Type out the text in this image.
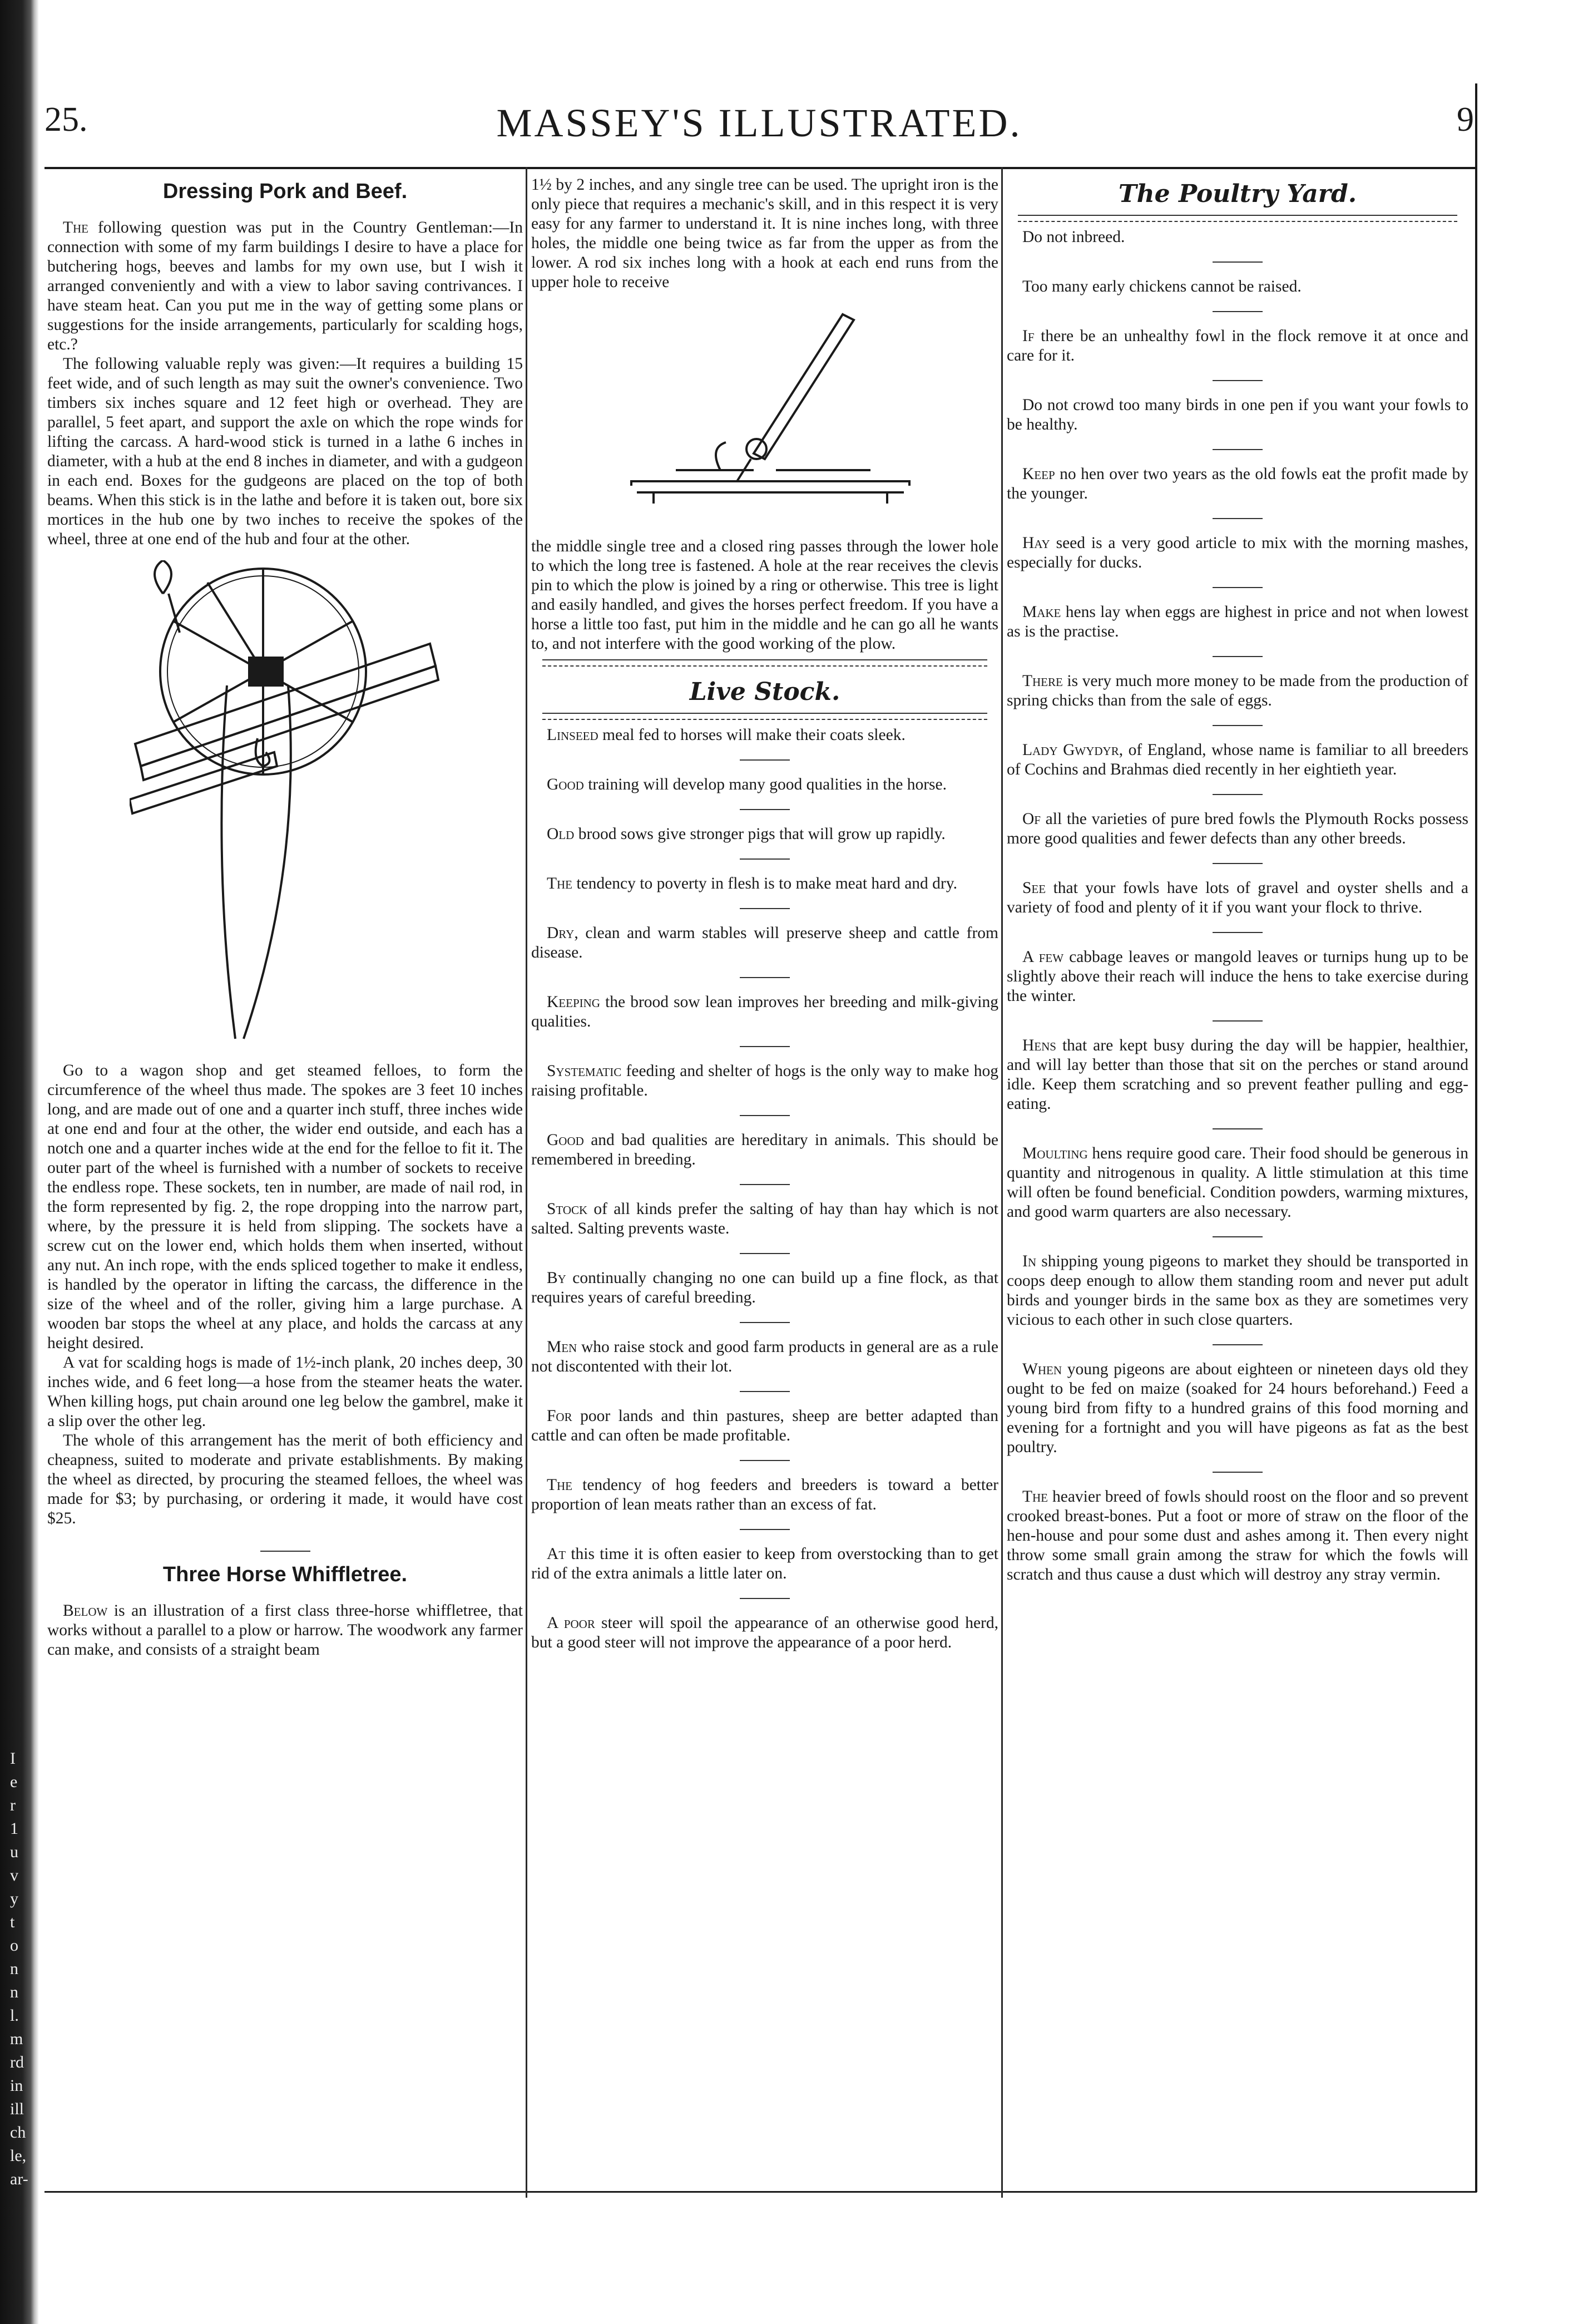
I
e
r
1
u
v
y
t
o
n
n
l.
m
rd
in
ill
ch
le,
ar-
25.	MASSEY'S ILLUSTRATED.	9
Dressing Pork and Beef.

The following question was put in the Country Gentleman:—In connection with some of my farm buildings I desire to have a place for butchering hogs, beeves and lambs for my own use, but I wish it arranged conveniently and with a view to labor saving contrivances. I have steam heat. Can you put me in the way of getting some plans or suggestions for the inside arrangements, particularly for scalding hogs, etc.?

The following valuable reply was given:—It requires a building 15 feet wide, and of such length as may suit the owner's convenience. Two timbers six inches square and 12 feet high or overhead. They are parallel, 5 feet apart, and support the axle on which the rope winds for lifting the carcass. A hard-wood stick is turned in a lathe 6 inches in diameter, with a hub at the end 8 inches in diameter, and with a gudgeon in each end. Boxes for the gudgeons are placed on the top of both beams. When this stick is in the lathe and before it is taken out, bore six mortices in the hub one by two inches to receive the spokes of the wheel, three at one end of the hub and four at the other.

Go to a wagon shop and get steamed felloes, to form the circumference of the wheel thus made. The spokes are 3 feet 10 inches long, and are made out of one and a quarter inch stuff, three inches wide at one end and four at the other, the wider end outside, and each has a notch one and a quarter inches wide at the end for the felloe to fit it. The outer part of the wheel is furnished with a number of sockets to receive the endless rope. These sockets, ten in number, are made of nail rod, in the form represented by fig. 2, the rope dropping into the narrow part, where, by the pressure it is held from slipping. The sockets have a screw cut on the lower end, which holds them when inserted, without any nut. An inch rope, with the ends spliced together to make it endless, is handled by the operator in lifting the carcass, the difference in the size of the wheel and of the roller, giving him a large purchase. A wooden bar stops the wheel at any place, and holds the carcass at any height desired.

A vat for scalding hogs is made of 1½-inch plank, 20 inches deep, 30 inches wide, and 6 feet long—a hose from the steamer heats the water. When killing hogs, put chain around one leg below the gambrel, make it a slip over the other leg.

The whole of this arrangement has the merit of both efficiency and cheapness, suited to moderate and private establishments. By making the wheel as directed, by procuring the steamed felloes, the wheel was made for $3; by purchasing, or ordering it made, it would have cost $25.

Three Horse Whiffletree.

Below is an illustration of a first class three-horse whiffletree, that works without a parallel to a plow or harrow. The woodwork any farmer can make, and consists of a straight beam

1½ by 2 inches, and any single tree can be used. The upright iron is the only piece that requires a mechanic's skill, and in this respect it is very easy for any farmer to understand it. It is nine inches long, with three holes, the middle one being twice as far from the upper as from the lower. A rod six inches long with a hook at each end runs from the upper hole to receive

the middle single tree and a closed ring passes through the lower hole to which the long tree is fastened. A hole at the rear receives the clevis pin to which the plow is joined by a ring or otherwise. This tree is light and easily handled, and gives the horses perfect freedom. If you have a horse a little too fast, put him in the middle and he can go all he wants to, and not interfere with the good working of the plow.

Live Stock.

Linseed meal fed to horses will make their coats sleek.

Good training will develop many good qualities in the horse.

Old brood sows give stronger pigs that will grow up rapidly.

The tendency to poverty in flesh is to make meat hard and dry.

Dry, clean and warm stables will preserve sheep and cattle from disease.

Keeping the brood sow lean improves her breeding and milk-giving qualities.

Systematic feeding and shelter of hogs is the only way to make hog raising profitable.

Good and bad qualities are hereditary in animals. This should be remembered in breeding.

Stock of all kinds prefer the salting of hay than hay which is not salted. Salting prevents waste.

By continually changing no one can build up a fine flock, as that requires years of careful breeding.

Men who raise stock and good farm products in general are as a rule not discontented with their lot.

For poor lands and thin pastures, sheep are better adapted than cattle and can often be made profitable.

The tendency of hog feeders and breeders is toward a better proportion of lean meats rather than an excess of fat.

At this time it is often easier to keep from overstocking than to get rid of the extra animals a little later on.

A poor steer will spoil the appearance of an otherwise good herd, but a good steer will not improve the appearance of a poor herd.

The Poultry Yard.

Do not inbreed.

Too many early chickens cannot be raised.

If there be an unhealthy fowl in the flock remove it at once and care for it.

Do not crowd too many birds in one pen if you want your fowls to be healthy.

Keep no hen over two years as the old fowls eat the profit made by the younger.

Hay seed is a very good article to mix with the morning mashes, especially for ducks.

Make hens lay when eggs are highest in price and not when lowest as is the practise.

There is very much more money to be made from the production of spring chicks than from the sale of eggs.

Lady Gwydyr, of England, whose name is familiar to all breeders of Cochins and Brahmas died recently in her eightieth year.

Of all the varieties of pure bred fowls the Plymouth Rocks possess more good qualities and fewer defects than any other breeds.

See that your fowls have lots of gravel and oyster shells and a variety of food and plenty of it if you want your flock to thrive.

A few cabbage leaves or mangold leaves or turnips hung up to be slightly above their reach will induce the hens to take exercise during the winter.

Hens that are kept busy during the day will be happier, healthier, and will lay better than those that sit on the perches or stand around idle. Keep them scratching and so prevent feather pulling and egg-eating.

Moulting hens require good care. Their food should be generous in quantity and nitrogenous in quality. A little stimulation at this time will often be found beneficial. Condition powders, warming mixtures, and good warm quarters are also necessary.

In shipping young pigeons to market they should be transported in coops deep enough to allow them standing room and never put adult birds and younger birds in the same box as they are sometimes very vicious to each other in such close quarters.

When young pigeons are about eighteen or nineteen days old they ought to be fed on maize (soaked for 24 hours beforehand.) Feed a young bird from fifty to a hundred grains of this food morning and evening for a fortnight and you will have pigeons as fat as the best poultry.

The heavier breed of fowls should roost on the floor and so prevent crooked breast-bones. Put a foot or more of straw on the floor of the hen-house and pour some dust and ashes among it. Then every night throw some small grain among the straw for which the fowls will scratch and thus cause a dust which will destroy any stray vermin.
